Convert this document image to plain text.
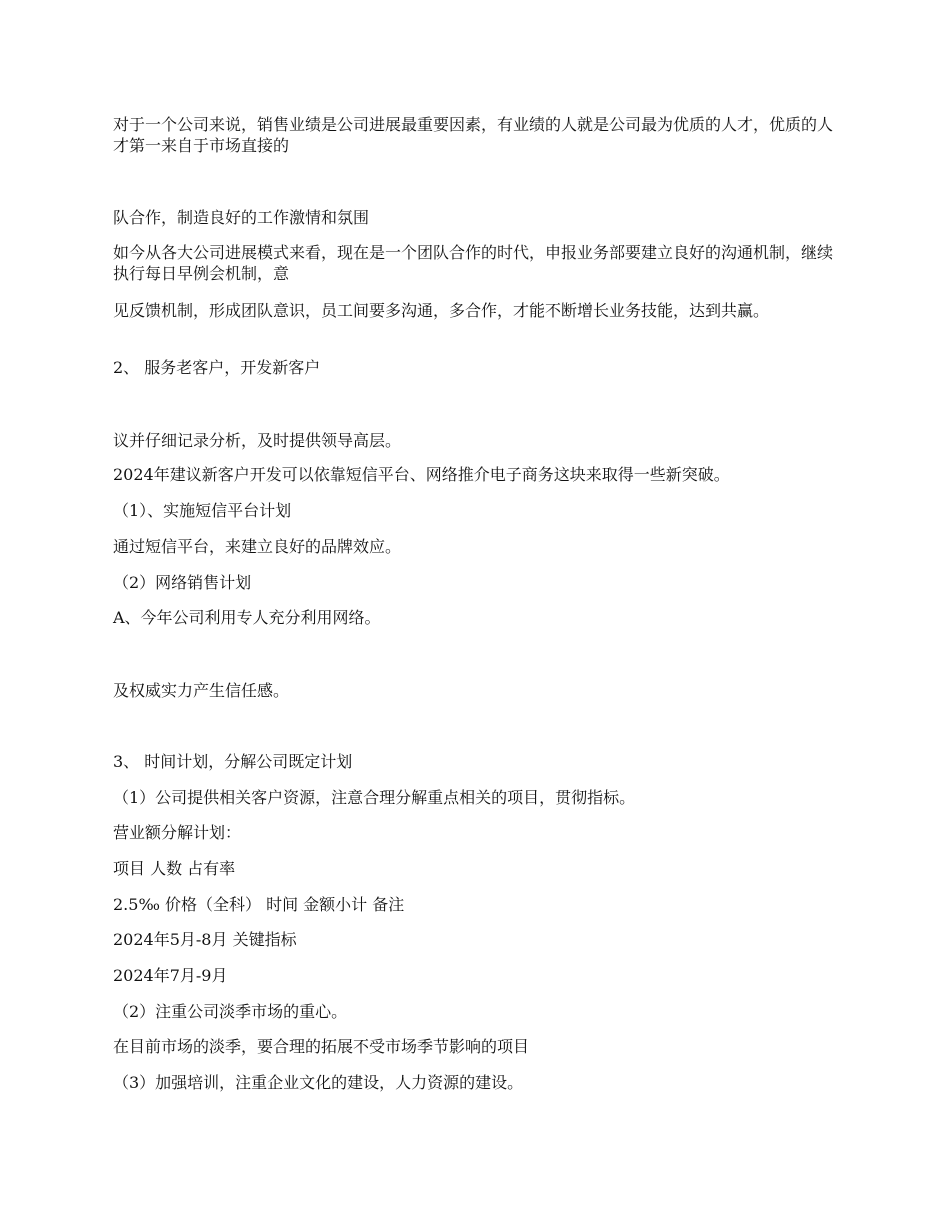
对于一个公司来说，销售业绩是公司进展最重要因素，有业绩的人就是公司最为优质的人才，优质的人才第一来自于市场直接的

队合作，制造良好的工作激情和氛围

如今从各大公司进展模式来看，现在是一个团队合作的时代，申报业务部要建立良好的沟通机制，继续执行每日早例会机制，意

见反馈机制，形成团队意识，员工间要多沟通，多合作，才能不断增长业务技能，达到共赢。

2、 服务老客户，开发新客户

议并仔细记录分析，及时提供领导高层。

2024年建议新客户开发可以依靠短信平台、网络推介电子商务这块来取得一些新突破。

（1）、实施短信平台计划

通过短信平台，来建立良好的品牌效应。

（2）网络销售计划

A、今年公司利用专人充分利用网络。

及权威实力产生信任感。

3、 时间计划，分解公司既定计划

（1）公司提供相关客户资源，注意合理分解重点相关的项目，贯彻指标。

营业额分解计划：

项目 人数 占有率

2.5‰ 价格（全科） 时间 金额小计 备注

2024年5月-8月 关键指标

2024年7月-9月

（2）注重公司淡季市场的重心。

在目前市场的淡季，要合理的拓展不受市场季节影响的项目

（3）加强培训，注重企业文化的建设，人力资源的建设。
